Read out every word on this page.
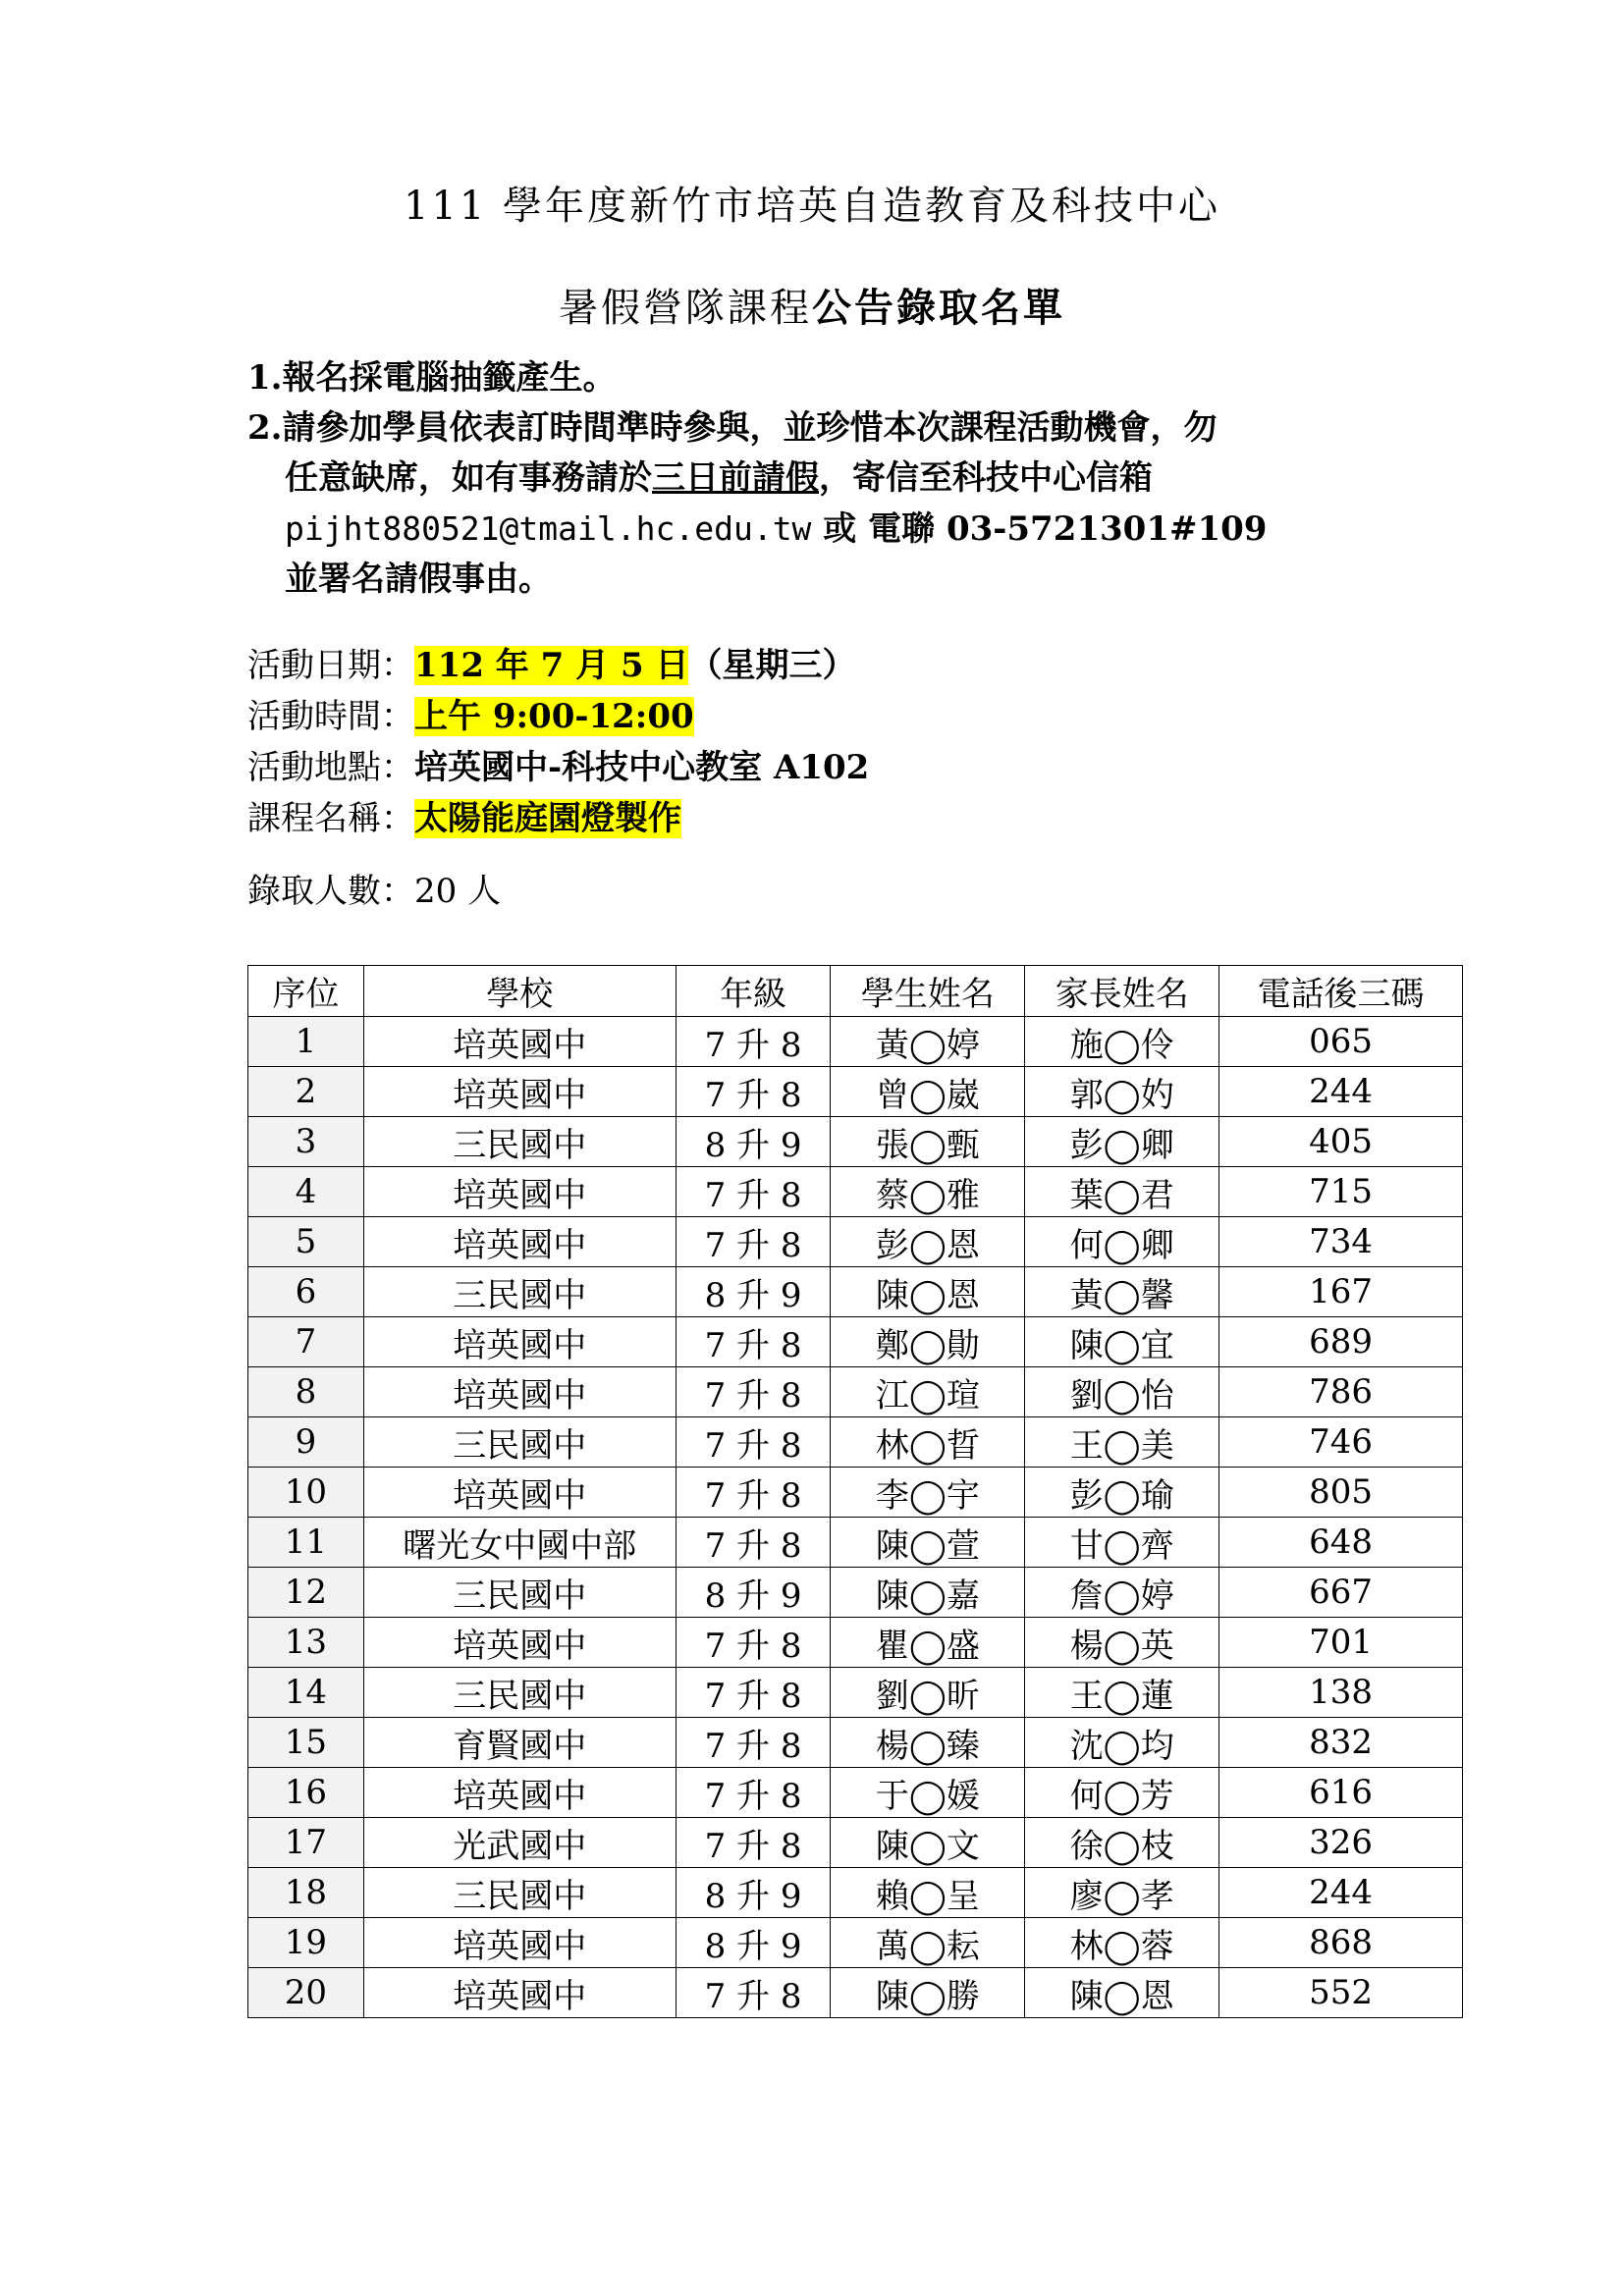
111 學年度新竹市培英自造教育及科技中心
暑假營隊課程公告錄取名單
1.報名採電腦抽籤產生。
2.請參加學員依表訂時間準時參與，並珍惜本次課程活動機會，勿
任意缺席，如有事務請於三日前請假，寄信至科技中心信箱
pijht880521@tmail.hc.edu.tw 或 電聯 03-5721301#109
並署名請假事由。
活動日期：112 年 7 月 5 日（星期三）
活動時間：上午 9:00-12:00
活動地點：培英國中-科技中心教室 A102
課程名稱：太陽能庭園燈製作
錄取人數：20 人
序位	學校	年級	學生姓名	家長姓名	電話後三碼
1	培英國中	7 升 8	黃◯婷	施◯伶	065
2	培英國中	7 升 8	曾◯崴	郭◯妁	244
3	三民國中	8 升 9	張◯甄	彭◯卿	405
4	培英國中	7 升 8	蔡◯雅	葉◯君	715
5	培英國中	7 升 8	彭◯恩	何◯卿	734
6	三民國中	8 升 9	陳◯恩	黃◯馨	167
7	培英國中	7 升 8	鄭◯勛	陳◯宜	689
8	培英國中	7 升 8	江◯瑄	劉◯怡	786
9	三民國中	7 升 8	林◯晢	王◯美	746
10	培英國中	7 升 8	李◯宇	彭◯瑜	805
11	曙光女中國中部	7 升 8	陳◯萱	甘◯齊	648
12	三民國中	8 升 9	陳◯嘉	詹◯婷	667
13	培英國中	7 升 8	瞿◯盛	楊◯英	701
14	三民國中	7 升 8	劉◯昕	王◯蓮	138
15	育賢國中	7 升 8	楊◯臻	沈◯均	832
16	培英國中	7 升 8	于◯媛	何◯芳	616
17	光武國中	7 升 8	陳◯文	徐◯枝	326
18	三民國中	8 升 9	賴◯呈	廖◯孝	244
19	培英國中	8 升 9	萬◯耘	林◯蓉	868
20	培英國中	7 升 8	陳◯勝	陳◯恩	552
